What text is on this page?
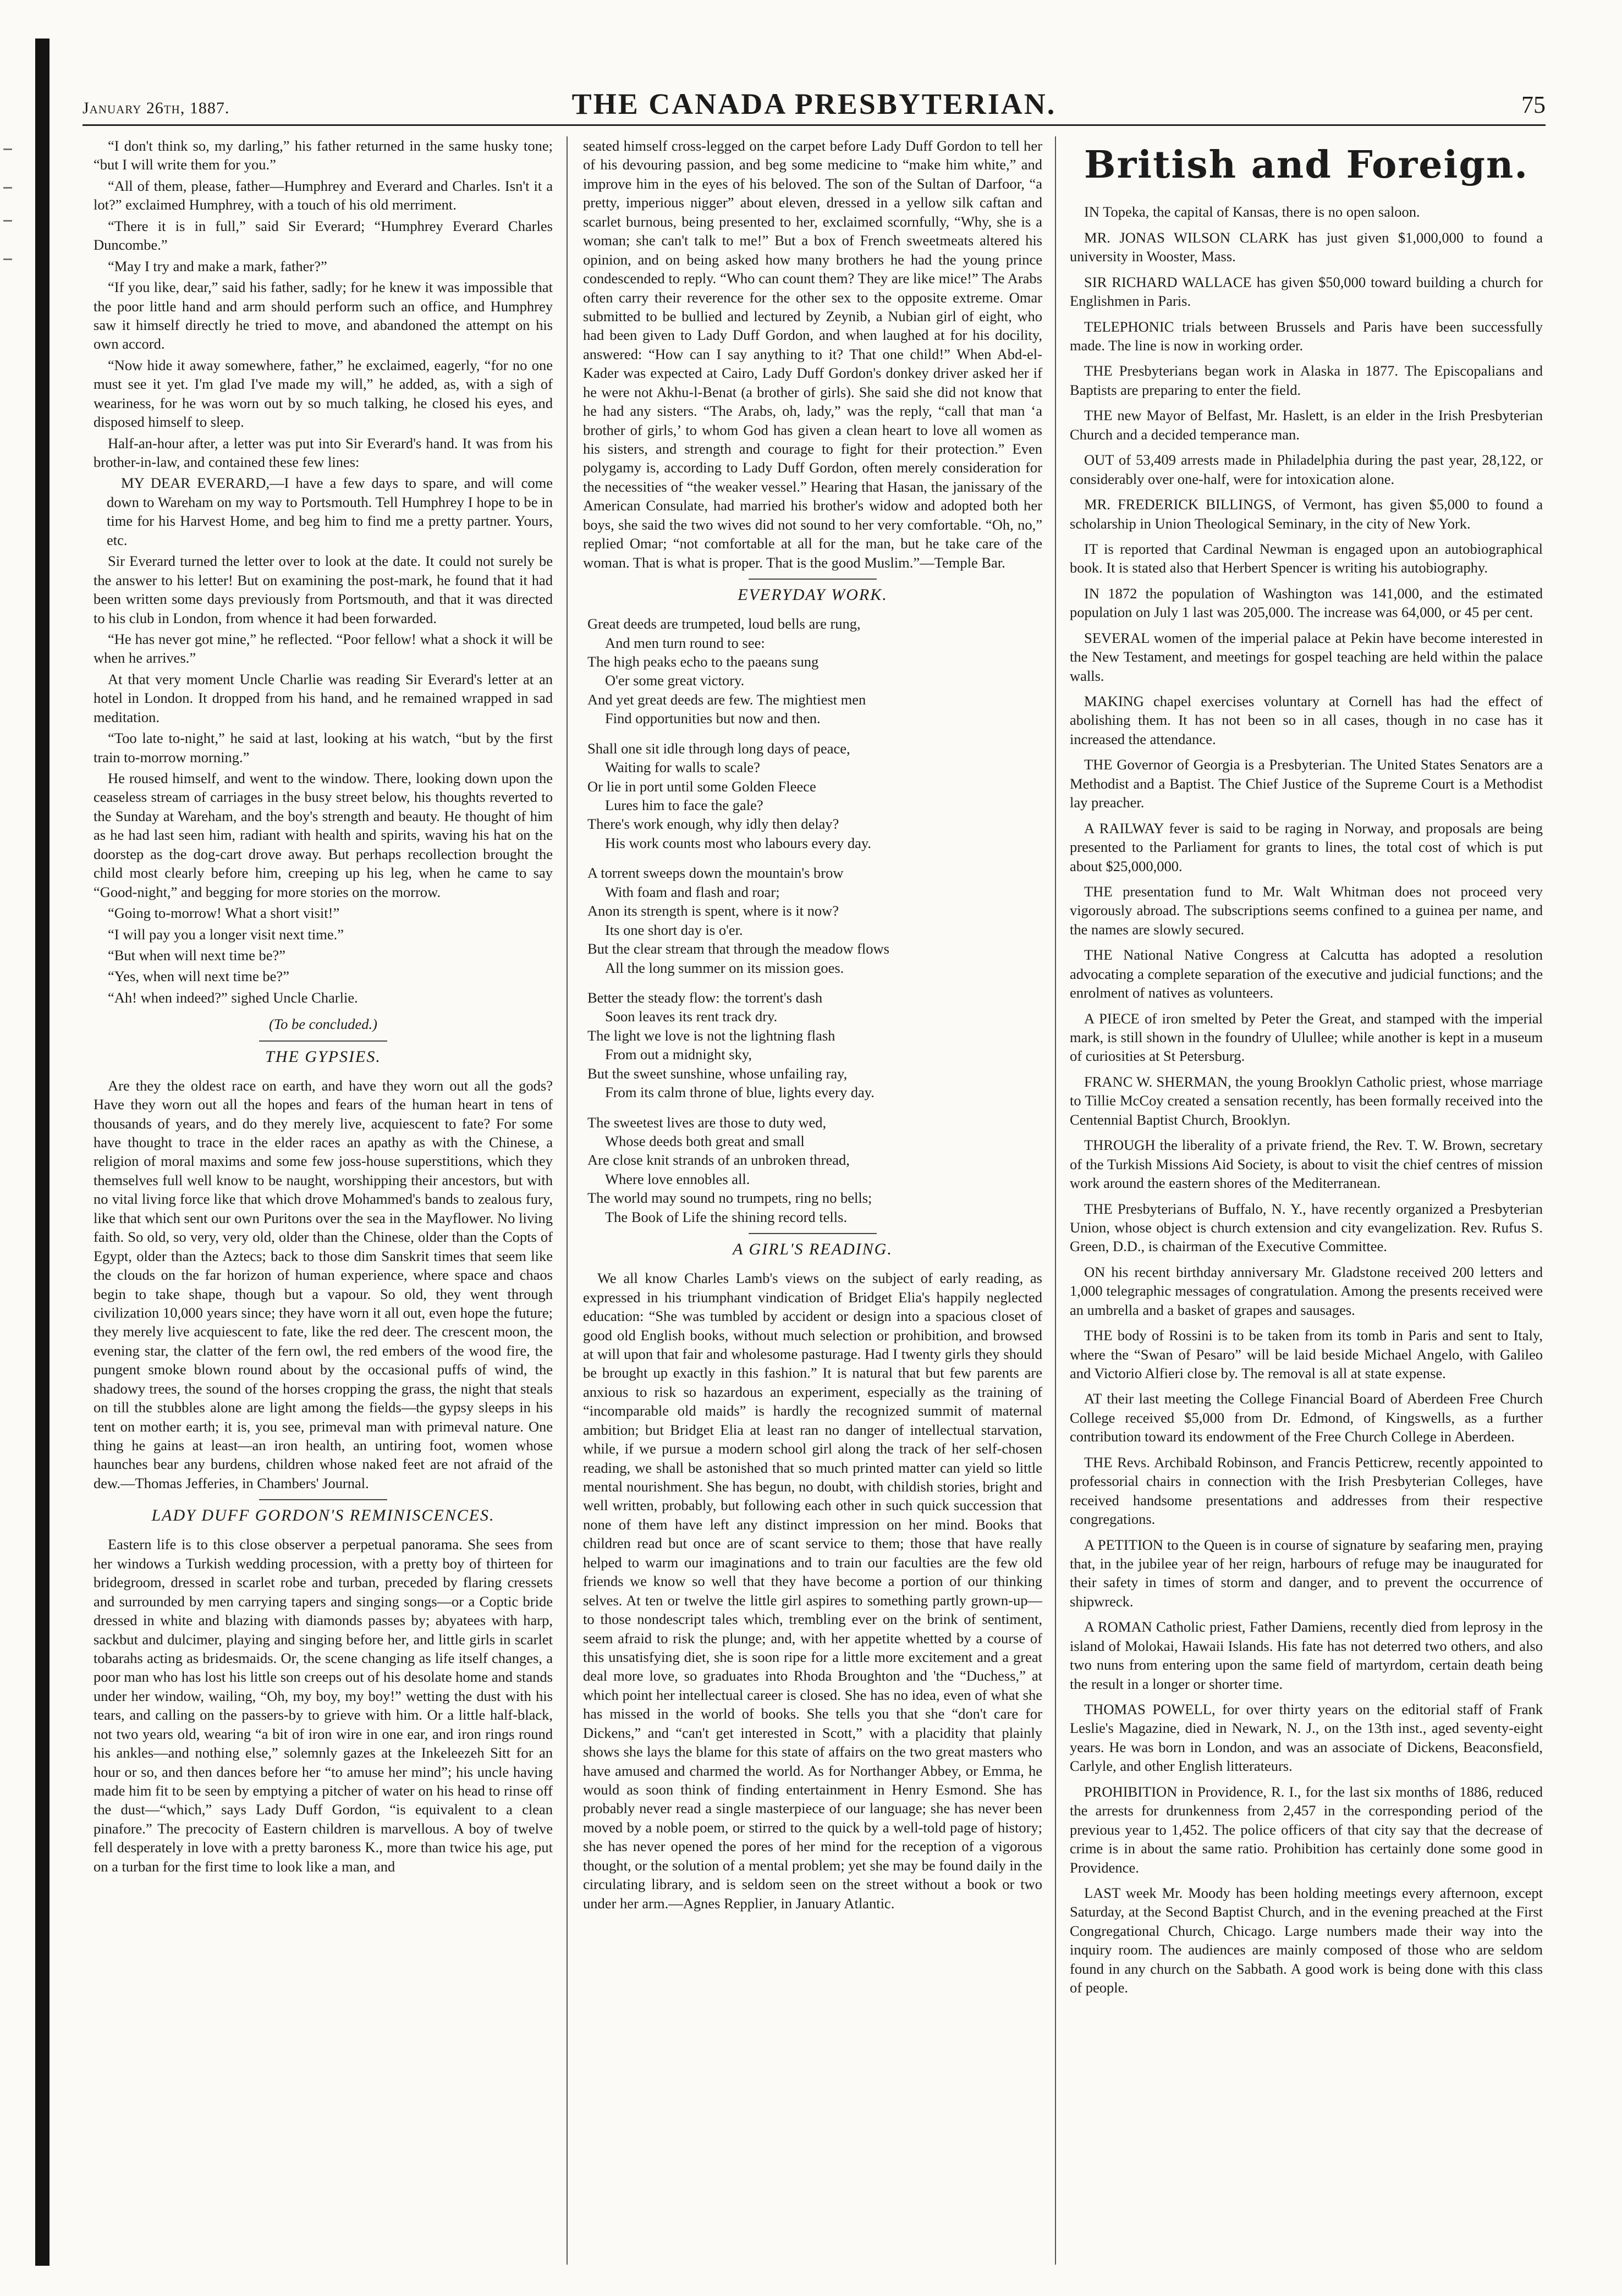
January 26th, 1887.	THE CANADA PRESBYTERIAN.	75

“I don't think so, my darling,” his father returned in the same husky tone; “but I will write them for you.”

“All of them, please, father—Humphrey and Everard and Charles. Isn't it a lot?” exclaimed Humphrey, with a touch of his old merriment.

“There it is in full,” said Sir Everard; “Humphrey Everard Charles Duncombe.”

“May I try and make a mark, father?”

“If you like, dear,” said his father, sadly; for he knew it was impossible that the poor little hand and arm should perform such an office, and Humphrey saw it himself directly he tried to move, and abandoned the attempt on his own accord.

“Now hide it away somewhere, father,” he exclaimed, eagerly, “for no one must see it yet. I'm glad I've made my will,” he added, as, with a sigh of weariness, for he was worn out by so much talking, he closed his eyes, and disposed himself to sleep.

Half-an-hour after, a letter was put into Sir Everard's hand. It was from his brother-in-law, and contained these few lines:

MY DEAR EVERARD,—I have a few days to spare, and will come down to Wareham on my way to Portsmouth. Tell Humphrey I hope to be in time for his Harvest Home, and beg him to find me a pretty partner. Yours, etc.

Sir Everard turned the letter over to look at the date. It could not surely be the answer to his letter! But on examining the post-mark, he found that it had been written some days previously from Portsmouth, and that it was directed to his club in London, from whence it had been forwarded.

“He has never got mine,” he reflected. “Poor fellow! what a shock it will be when he arrives.”

At that very moment Uncle Charlie was reading Sir Everard's letter at an hotel in London. It dropped from his hand, and he remained wrapped in sad meditation.

“Too late to-night,” he said at last, looking at his watch, “but by the first train to-morrow morning.”

He roused himself, and went to the window. There, looking down upon the ceaseless stream of carriages in the busy street below, his thoughts reverted to the Sunday at Wareham, and the boy's strength and beauty. He thought of him as he had last seen him, radiant with health and spirits, waving his hat on the doorstep as the dog-cart drove away. But perhaps recollection brought the child most clearly before him, creeping up his leg, when he came to say “Good-night,” and begging for more stories on the morrow.

“Going to-morrow! What a short visit!”

“I will pay you a longer visit next time.”

“But when will next time be?”

“Yes, when will next time be?”

“Ah! when indeed?” sighed Uncle Charlie.

(To be concluded.)
THE GYPSIES.

Are they the oldest race on earth, and have they worn out all the gods? Have they worn out all the hopes and fears of the human heart in tens of thousands of years, and do they merely live, acquiescent to fate? For some have thought to trace in the elder races an apathy as with the Chinese, a religion of moral maxims and some few joss-house superstitions, which they themselves full well know to be naught, worshipping their ancestors, but with no vital living force like that which drove Mohammed's bands to zealous fury, like that which sent our own Puritons over the sea in the Mayflower. No living faith. So old, so very, very old, older than the Chinese, older than the Copts of Egypt, older than the Aztecs; back to those dim Sanskrit times that seem like the clouds on the far horizon of human experience, where space and chaos begin to take shape, though but a vapour. So old, they went through civilization 10,000 years since; they have worn it all out, even hope the future; they merely live acquiescent to fate, like the red deer. The crescent moon, the evening star, the clatter of the fern owl, the red embers of the wood fire, the pungent smoke blown round about by the occasional puffs of wind, the shadowy trees, the sound of the horses cropping the grass, the night that steals on till the stubbles alone are light among the fields—the gypsy sleeps in his tent on mother earth; it is, you see, primeval man with primeval nature. One thing he gains at least—an iron health, an untiring foot, women whose haunches bear any burdens, children whose naked feet are not afraid of the dew.—Thomas Jefferies, in Chambers' Journal.

LADY DUFF GORDON'S REMINISCENCES.

Eastern life is to this close observer a perpetual panorama. She sees from her windows a Turkish wedding procession, with a pretty boy of thirteen for bridegroom, dressed in scarlet robe and turban, preceded by flaring cressets and surrounded by men carrying tapers and singing songs—or a Coptic bride dressed in white and blazing with diamonds passes by; abyatees with harp, sackbut and dulcimer, playing and singing before her, and little girls in scarlet tobarahs acting as bridesmaids. Or, the scene changing as life itself changes, a poor man who has lost his little son creeps out of his desolate home and stands under her window, wailing, “Oh, my boy, my boy!” wetting the dust with his tears, and calling on the passers-by to grieve with him. Or a little half-black, not two years old, wearing “a bit of iron wire in one ear, and iron rings round his ankles—and nothing else,” solemnly gazes at the Inkeleezeh Sitt for an hour or so, and then dances before her “to amuse her mind”; his uncle having made him fit to be seen by emptying a pitcher of water on his head to rinse off the dust—“which,” says Lady Duff Gordon, “is equivalent to a clean pinafore.” The precocity of Eastern children is marvellous. A boy of twelve fell desperately in love with a pretty baroness K., more than twice his age, put on a turban for the first time to look like a man, and

seated himself cross-legged on the carpet before Lady Duff Gordon to tell her of his devouring passion, and beg some medicine to “make him white,” and improve him in the eyes of his beloved. The son of the Sultan of Darfoor, “a pretty, imperious nigger” about eleven, dressed in a yellow silk caftan and scarlet burnous, being presented to her, exclaimed scornfully, “Why, she is a woman; she can't talk to me!” But a box of French sweetmeats altered his opinion, and on being asked how many brothers he had the young prince condescended to reply. “Who can count them? They are like mice!” The Arabs often carry their reverence for the other sex to the opposite extreme. Omar submitted to be bullied and lectured by Zeynib, a Nubian girl of eight, who had been given to Lady Duff Gordon, and when laughed at for his docility, answered: “How can I say anything to it? That one child!” When Abd-el-Kader was expected at Cairo, Lady Duff Gordon's donkey driver asked her if he were not Akhu-l-Benat (a brother of girls). She said she did not know that he had any sisters. “The Arabs, oh, lady,” was the reply, “call that man ‘a brother of girls,’ to whom God has given a clean heart to love all women as his sisters, and strength and courage to fight for their protection.” Even polygamy is, according to Lady Duff Gordon, often merely consideration for the necessities of “the weaker vessel.” Hearing that Hasan, the janissary of the American Consulate, had married his brother's widow and adopted both her boys, she said the two wives did not sound to her very comfortable. “Oh, no,” replied Omar; “not comfortable at all for the man, but he take care of the woman. That is what is proper. That is the good Muslim.”—Temple Bar.

EVERYDAY WORK.
Great deeds are trumpeted, loud bells are rung,
And men turn round to see:
The high peaks echo to the paeans sung
O'er some great victory.
And yet great deeds are few. The mightiest men
Find opportunities but now and then.
Shall one sit idle through long days of peace,
Waiting for walls to scale?
Or lie in port until some Golden Fleece
Lures him to face the gale?
There's work enough, why idly then delay?
His work counts most who labours every day.
A torrent sweeps down the mountain's brow
With foam and flash and roar;
Anon its strength is spent, where is it now?
Its one short day is o'er.
But the clear stream that through the meadow flows
All the long summer on its mission goes.
Better the steady flow: the torrent's dash
Soon leaves its rent track dry.
The light we love is not the lightning flash
From out a midnight sky,
But the sweet sunshine, whose unfailing ray,
From its calm throne of blue, lights every day.
The sweetest lives are those to duty wed,
Whose deeds both great and small
Are close knit strands of an unbroken thread,
Where love ennobles all.
The world may sound no trumpets, ring no bells;
The Book of Life the shining record tells.
A GIRL'S READING.

We all know Charles Lamb's views on the subject of early reading, as expressed in his triumphant vindication of Bridget Elia's happily neglected education: “She was tumbled by accident or design into a spacious closet of good old English books, without much selection or prohibition, and browsed at will upon that fair and wholesome pasturage. Had I twenty girls they should be brought up exactly in this fashion.” It is natural that but few parents are anxious to risk so hazardous an experiment, especially as the training of “incomparable old maids” is hardly the recognized summit of maternal ambition; but Bridget Elia at least ran no danger of intellectual starvation, while, if we pursue a modern school girl along the track of her self-chosen reading, we shall be astonished that so much printed matter can yield so little mental nourishment. She has begun, no doubt, with childish stories, bright and well written, probably, but following each other in such quick succession that none of them have left any distinct impression on her mind. Books that children read but once are of scant service to them; those that have really helped to warm our imaginations and to train our faculties are the few old friends we know so well that they have become a portion of our thinking selves. At ten or twelve the little girl aspires to something partly grown-up—to those nondescript tales which, trembling ever on the brink of sentiment, seem afraid to risk the plunge; and, with her appetite whetted by a course of this unsatisfying diet, she is soon ripe for a little more excitement and a great deal more love, so graduates into Rhoda Broughton and 'the “Duchess,” at which point her intellectual career is closed. She has no idea, even of what she has missed in the world of books. She tells you that she “don't care for Dickens,” and “can't get interested in Scott,” with a placidity that plainly shows she lays the blame for this state of affairs on the two great masters who have amused and charmed the world. As for Northanger Abbey, or Emma, he would as soon think of finding entertainment in Henry Esmond. She has probably never read a single masterpiece of our language; she has never been moved by a noble poem, or stirred to the quick by a well-told page of history; she has never opened the pores of her mind for the reception of a vigorous thought, or the solution of a mental problem; yet she may be found daily in the circulating library, and is seldom seen on the street without a book or two under her arm.—Agnes Repplier, in January Atlantic.

British and Foreign.

IN Topeka, the capital of Kansas, there is no open saloon.

MR. JONAS WILSON CLARK has just given $1,000,000 to found a university in Wooster, Mass.

SIR RICHARD WALLACE has given $50,000 toward building a church for Englishmen in Paris.

TELEPHONIC trials between Brussels and Paris have been successfully made. The line is now in working order.

THE Presbyterians began work in Alaska in 1877. The Episcopalians and Baptists are preparing to enter the field.

THE new Mayor of Belfast, Mr. Haslett, is an elder in the Irish Presbyterian Church and a decided temperance man.

OUT of 53,409 arrests made in Philadelphia during the past year, 28,122, or considerably over one-half, were for intoxication alone.

MR. FREDERICK BILLINGS, of Vermont, has given $5,000 to found a scholarship in Union Theological Seminary, in the city of New York.

IT is reported that Cardinal Newman is engaged upon an autobiographical book. It is stated also that Herbert Spencer is writing his autobiography.

IN 1872 the population of Washington was 141,000, and the estimated population on July 1 last was 205,000. The increase was 64,000, or 45 per cent.

SEVERAL women of the imperial palace at Pekin have become interested in the New Testament, and meetings for gospel teaching are held within the palace walls.

MAKING chapel exercises voluntary at Cornell has had the effect of abolishing them. It has not been so in all cases, though in no case has it increased the attendance.

THE Governor of Georgia is a Presbyterian. The United States Senators are a Methodist and a Baptist. The Chief Justice of the Supreme Court is a Methodist lay preacher.

A RAILWAY fever is said to be raging in Norway, and proposals are being presented to the Parliament for grants to lines, the total cost of which is put about $25,000,000.

THE presentation fund to Mr. Walt Whitman does not proceed very vigorously abroad. The subscriptions seems confined to a guinea per name, and the names are slowly secured.

THE National Native Congress at Calcutta has adopted a resolution advocating a complete separation of the executive and judicial functions; and the enrolment of natives as volunteers.

A PIECE of iron smelted by Peter the Great, and stamped with the imperial mark, is still shown in the foundry of Ulullee; while another is kept in a museum of curiosities at St Petersburg.

FRANC W. SHERMAN, the young Brooklyn Catholic priest, whose marriage to Tillie McCoy created a sensation recently, has been formally received into the Centennial Baptist Church, Brooklyn.

THROUGH the liberality of a private friend, the Rev. T. W. Brown, secretary of the Turkish Missions Aid Society, is about to visit the chief centres of mission work around the eastern shores of the Mediterranean.

THE Presbyterians of Buffalo, N. Y., have recently organized a Presbyterian Union, whose object is church extension and city evangelization. Rev. Rufus S. Green, D.D., is chairman of the Executive Committee.

ON his recent birthday anniversary Mr. Gladstone received 200 letters and 1,000 telegraphic messages of congratulation. Among the presents received were an umbrella and a basket of grapes and sausages.

THE body of Rossini is to be taken from its tomb in Paris and sent to Italy, where the “Swan of Pesaro” will be laid beside Michael Angelo, with Galileo and Victorio Alfieri close by. The removal is all at state expense.

AT their last meeting the College Financial Board of Aberdeen Free Church College received $5,000 from Dr. Edmond, of Kingswells, as a further contribution toward its endowment of the Free Church College in Aberdeen.

THE Revs. Archibald Robinson, and Francis Petticrew, recently appointed to professorial chairs in connection with the Irish Presbyterian Colleges, have received handsome presentations and addresses from their respective congregations.

A PETITION to the Queen is in course of signature by seafaring men, praying that, in the jubilee year of her reign, harbours of refuge may be inaugurated for their safety in times of storm and danger, and to prevent the occurrence of shipwreck.

A ROMAN Catholic priest, Father Damiens, recently died from leprosy in the island of Molokai, Hawaii Islands. His fate has not deterred two others, and also two nuns from entering upon the same field of martyrdom, certain death being the result in a longer or shorter time.

THOMAS POWELL, for over thirty years on the editorial staff of Frank Leslie's Magazine, died in Newark, N. J., on the 13th inst., aged seventy-eight years. He was born in London, and was an associate of Dickens, Beaconsfield, Carlyle, and other English litterateurs.

PROHIBITION in Providence, R. I., for the last six months of 1886, reduced the arrests for drunkenness from 2,457 in the corresponding period of the previous year to 1,452. The police officers of that city say that the decrease of crime is in about the same ratio. Prohibition has certainly done some good in Providence.

LAST week Mr. Moody has been holding meetings every afternoon, except Saturday, at the Second Baptist Church, and in the evening preached at the First Congregational Church, Chicago. Large numbers made their way into the inquiry room. The audiences are mainly composed of those who are seldom found in any church on the Sabbath. A good work is being done with this class of people.
